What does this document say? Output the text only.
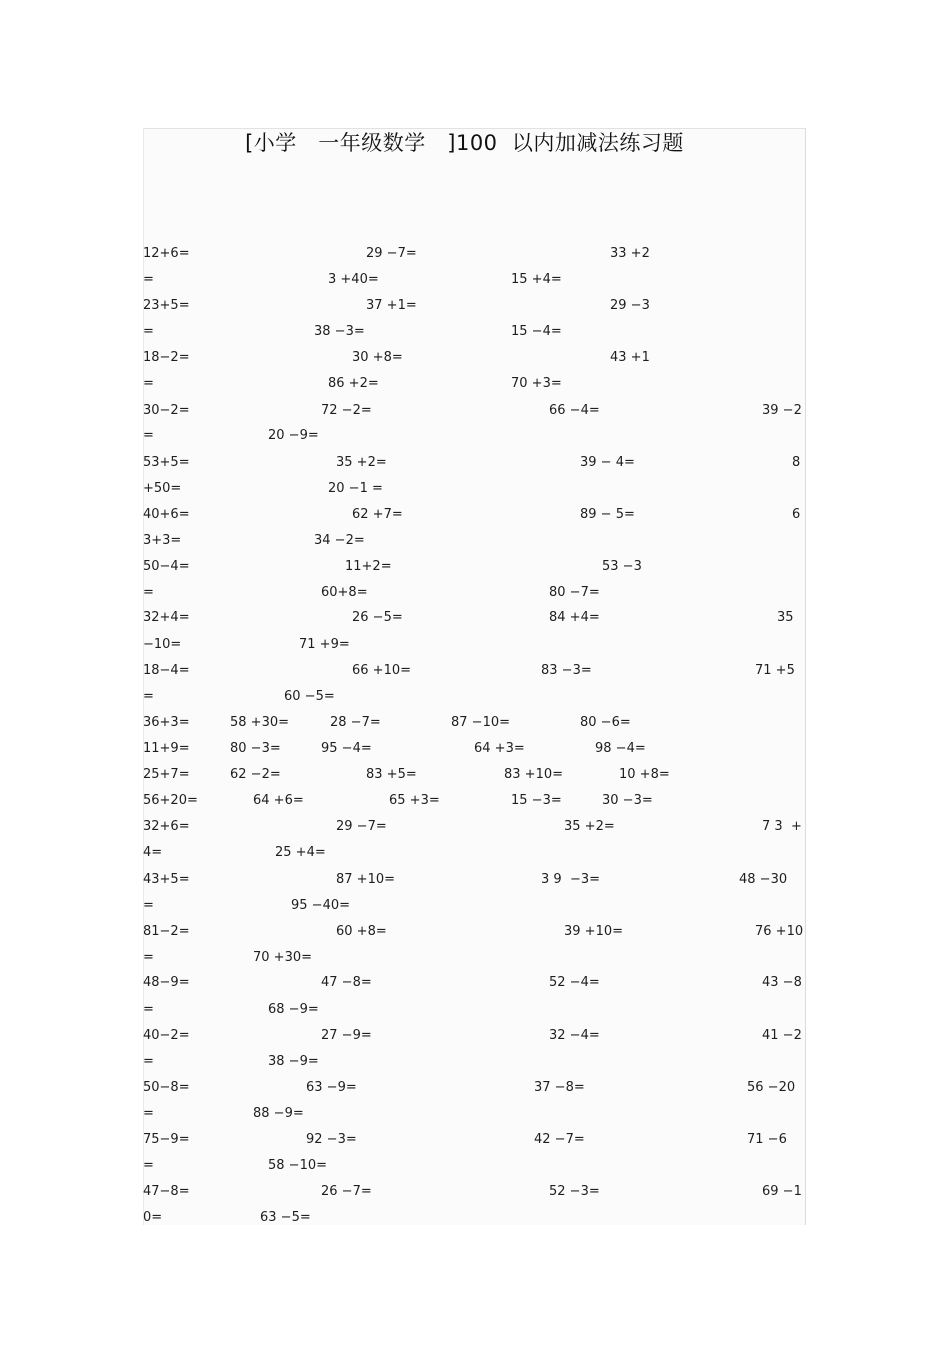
[小学　一年级数学　]100  以内加减法练习题
12+6=	29 −7=	33 +2
=	3 +40=	15 +4=
23+5=	37 +1=	29 −3
=	38 −3=	15 −4=
18−2=	30 +8=	43 +1
=	86 +2=	70 +3=
30−2=	72 −2=	66 −4=	39 −2
=	20 −9=
53+5=	35 +2=	39 − 4=	8
+50=	20 −1 =
40+6=	62 +7=	89 − 5=	6
3+3=	34 −2=
50−4=	11+2=	53 −3
=	60+8=	80 −7=
32+4=	26 −5=	84 +4=	35
−10=	71 +9=
18−4=	66 +10=	83 −3=	71 +5
=	60 −5=
36+3=	58 +30=	28 −7=	87 −10=	80 −6=
11+9=	80 −3=	95 −4=	64 +3=	98 −4=
25+7=	62 −2=	83 +5=	83 +10=	10 +8=
56+20=	64 +6=	65 +3=	15 −3=	30 −3=
32+6=	29 −7=	35 +2=	7 3  +
4=	25 +4=
43+5=	87 +10=	3 9  −3=	48 −30
=	95 −40=
81−2=	60 +8=	39 +10=	76 +10
=	70 +30=
48−9=	47 −8=	52 −4=	43 −8
=	68 −9=
40−2=	27 −9=	32 −4=	41 −2
=	38 −9=
50−8=	63 −9=	37 −8=	56 −20
=	88 −9=
75−9=	92 −3=	42 −7=	71 −6
=	58 −10=
47−8=	26 −7=	52 −3=	69 −1
0=	63 −5=
